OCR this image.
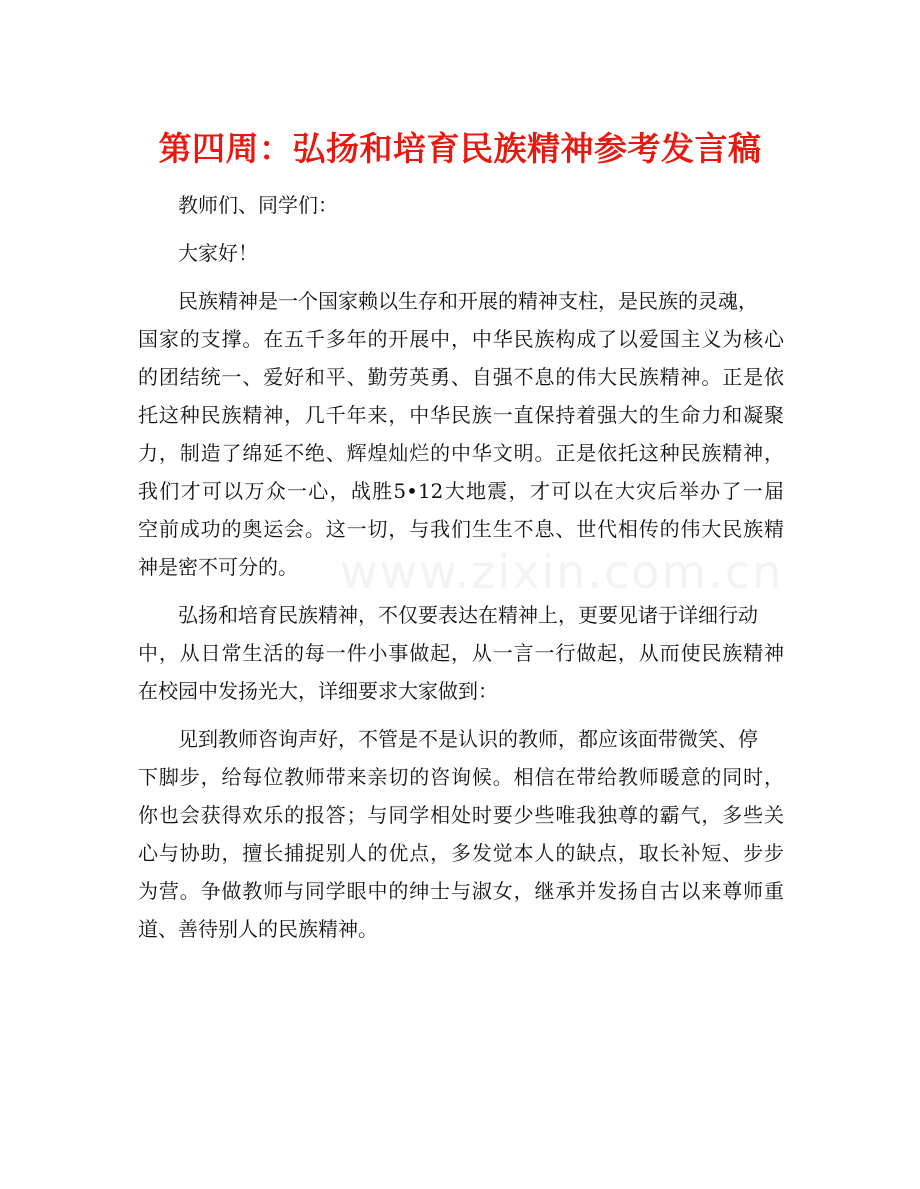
第四周：弘扬和培育民族精神参考发言稿
www.zixin.com.cn
教师们、同学们：
大家好！
民族精神是一个国家赖以生存和开展的精神支柱，是民族的灵魂，
国家的支撑。在五千多年的开展中，中华民族构成了以爱国主义为核心
的团结统一、爱好和平、勤劳英勇、自强不息的伟大民族精神。正是依
托这种民族精神，几千年来，中华民族一直保持着强大的生命力和凝聚
力，制造了绵延不绝、辉煌灿烂的中华文明。正是依托这种民族精神，
我们才可以万众一心，战胜5•12大地震，才可以在大灾后举办了一届
空前成功的奥运会。这一切，与我们生生不息、世代相传的伟大民族精
神是密不可分的。
弘扬和培育民族精神，不仅要表达在精神上，更要见诸于详细行动
中，从日常生活的每一件小事做起，从一言一行做起，从而使民族精神
在校园中发扬光大，详细要求大家做到：
见到教师咨询声好，不管是不是认识的教师，都应该面带微笑、停
下脚步，给每位教师带来亲切的咨询候。相信在带给教师暖意的同时，
你也会获得欢乐的报答；与同学相处时要少些唯我独尊的霸气，多些关
心与协助，擅长捕捉别人的优点，多发觉本人的缺点，取长补短、步步
为营。争做教师与同学眼中的绅士与淑女，继承并发扬自古以来尊师重
道、善待别人的民族精神。
